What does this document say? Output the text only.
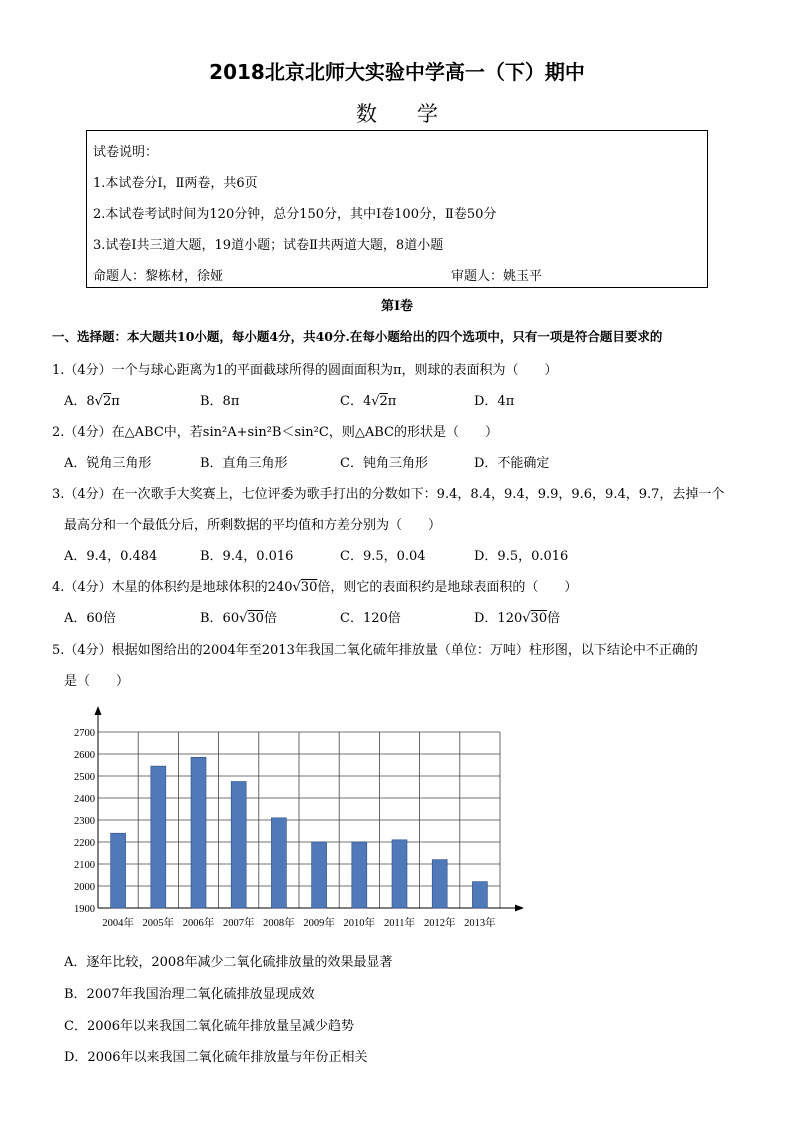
2018北京北师大实验中学高一（下）期中
数学
试卷说明：
1.本试卷分Ⅰ，Ⅱ两卷，共6页
2.本试卷考试时间为120分钟，总分150分，其中Ⅰ卷100分，Ⅱ卷50分
3.试卷Ⅰ共三道大题，19道小题；试卷Ⅱ共两道大题，8道小题
命题人：黎栋材，徐娅	审题人：姚玉平
第Ⅰ卷
一、选择题：本大题共10小题，每小题4分，共40分.在每小题给出的四个选项中，只有一项是符合题目要求的
1.（4分）一个与球心距离为1的平面截球所得的圆面面积为π，则球的表面积为（　　）
A．8√2π	B．8π	C．4√2π	D．4π
2.（4分）在△ABC中，若sin²A+sin²B＜sin²C，则△ABC的形状是（　　）
A．锐角三角形	B．直角三角形	C．钝角三角形	D．不能确定
3.（4分）在一次歌手大奖赛上，七位评委为歌手打出的分数如下：9.4，8.4，9.4，9.9，9.6，9.4，9.7，去掉一个
最高分和一个最低分后，所剩数据的平均值和方差分别为（　　）
A．9.4，0.484	B．9.4，0.016	C．9.5，0.04	D．9.5，0.016
4.（4分）木星的体积约是地球体积的240√30倍，则它的表面积约是地球表面积的（　　）
A．60倍	B．60√30倍	C．120倍	D．120√30倍
5.（4分）根据如图给出的2004年至2013年我国二氧化硫年排放量（单位：万吨）柱形图，以下结论中不正确的
是（　　）
1900
2000
2100
2200
2300
2400
2500
2600
2700
2004年 2005年 2006年 2007年 2008年 2009年 2010年 2011年 2012年 2013年
A．逐年比较，2008年减少二氧化硫排放量的效果最显著
B．2007年我国治理二氧化硫排放显现成效
C．2006年以来我国二氧化硫年排放量呈减少趋势
D．2006年以来我国二氧化硫年排放量与年份正相关
